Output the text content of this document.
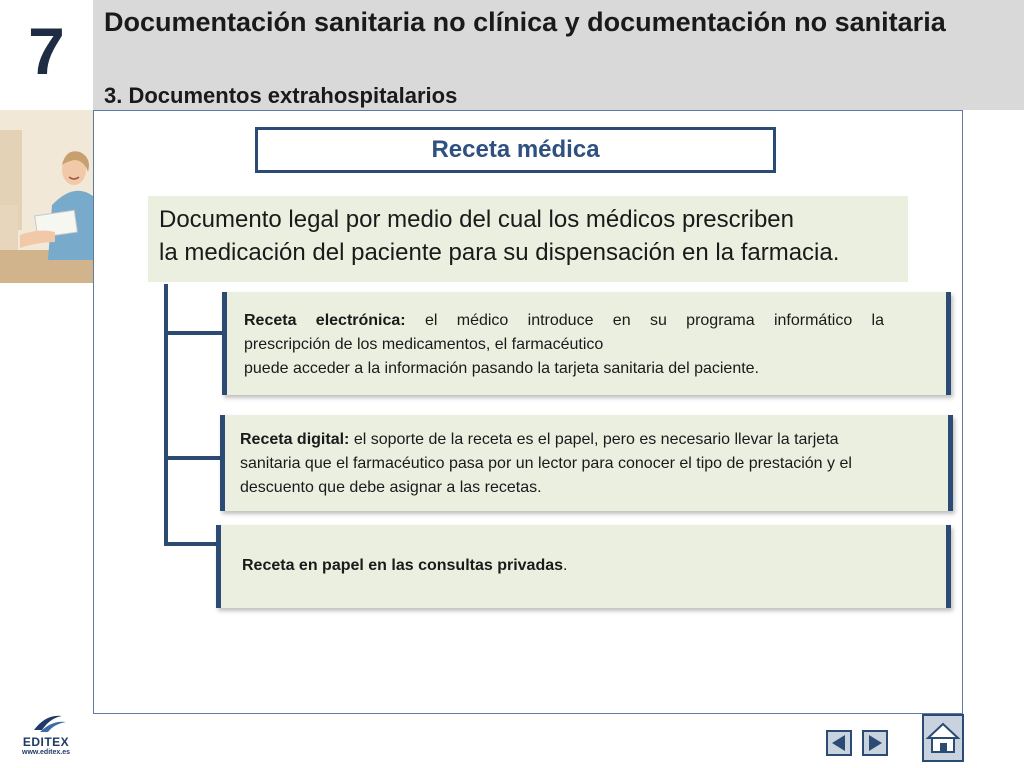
7	Documentación sanitaria no clínica y documentación no sanitaria
3. Documentos extrahospitalarios
Receta médica
Documento legal por medio del cual los médicos prescriben
la medicación del paciente para su dispensación en la farmacia.
Receta electrónica: el médico introduce en su programa informático la
prescripción de los medicamentos, el farmacéutico
puede acceder a la información pasando la tarjeta sanitaria del paciente.
Receta digital: el soporte de la receta es el papel, pero es necesario llevar la tarjeta
sanitaria que el farmacéutico pasa por un lector para conocer el tipo de prestación y el
descuento que debe asignar a las recetas.
Receta en papel en las consultas privadas.
EDITEX
www.editex.es
